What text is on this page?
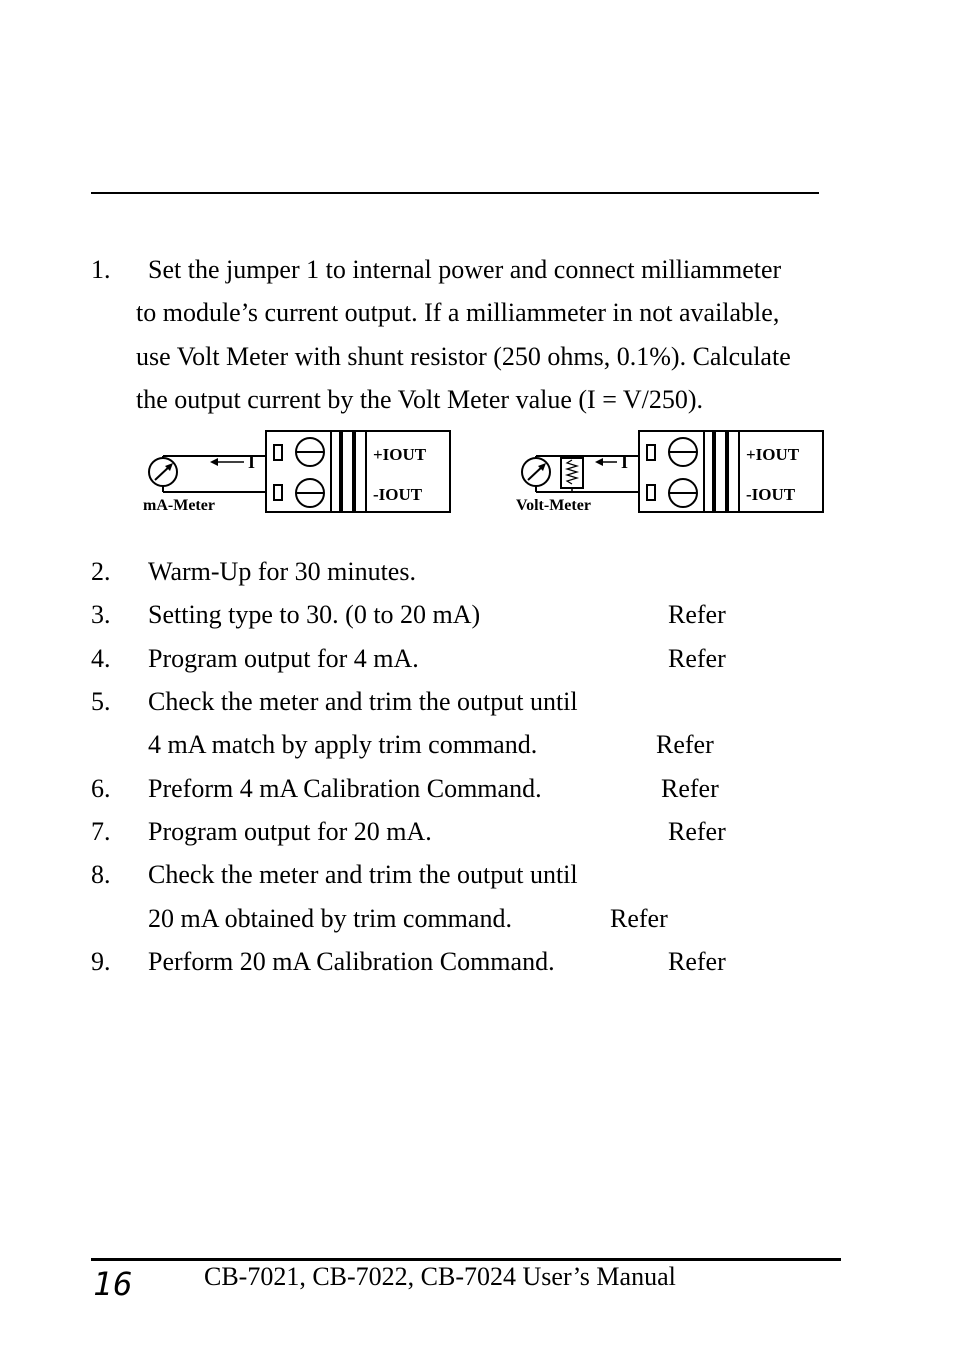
1. Set the jumper 1 to internal power and connect milliammeter
to module’s current output. If a milliammeter in not available,
use Volt Meter with shunt resistor (250 ohms, 0.1%). Calculate
the output current by the Volt Meter value (I = V/250).
I
mA-Meter
+IOUT
-IOUT
I
Volt-Meter
+IOUT
-IOUT
2. Warm-Up for 30 minutes.
3. Setting type to 30. (0 to 20 mA)	Refer
4. Program output for 4 mA.	Refer
5. Check the meter and trim the output until
4 mA match by apply trim command.	Refer
6. Preform 4 mA Calibration Command.	Refer
7. Program output for 20 mA.	Refer
8. Check the meter and trim the output until
20 mA obtained by trim command.	Refer
9. Perform 20 mA Calibration Command.	Refer
16	CB-7021, CB-7022, CB-7024 User’s Manual
